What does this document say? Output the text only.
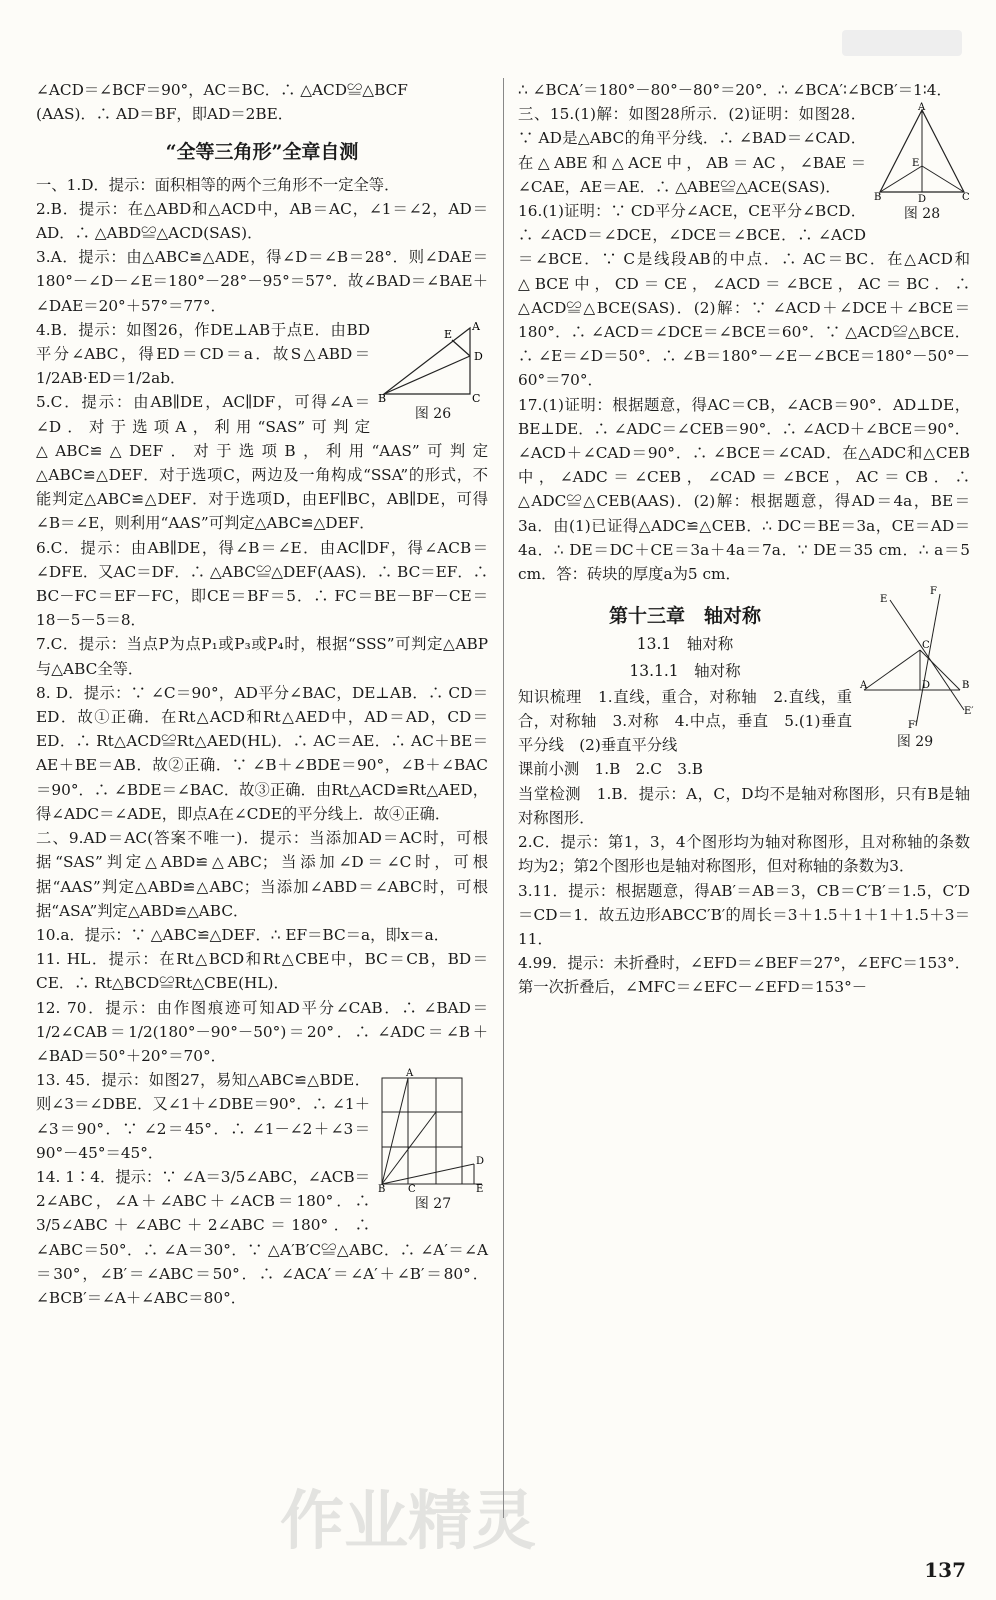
∠ACD＝∠BCF＝90°，AC＝BC．∴ △ACD≌△BCF

(AAS)．∴ AD＝BF，即AD＝2BE．

“全等三角形”全章自测

一、1.D．提示：面积相等的两个三角形不一定全等．

2.B．提示：在△ABD和△ACD中，AB＝AC，∠1＝∠2，AD＝AD．∴ △ABD≌△ACD(SAS)．

3.A．提示：由△ABC≌△ADE，得∠D＝∠B＝28°．则∠DAE＝180°－∠D－∠E＝180°－28°－95°＝57°．故∠BAD＝∠BAE＋∠DAE＝20°＋57°＝77°．

B	C
A
E
D
图 26

4.B．提示：如图26，作DE⊥AB于点E．由BD平分∠ABC，得ED＝CD＝a．故S△ABD＝1/2AB·ED＝1/2ab．

5.C．提示：由AB∥DE，AC∥DF，可得∠A＝∠D．对于选项A，利用“SAS”可判定△ABC≌△DEF．对于选项B，利用“AAS”可判定△ABC≌△DEF．对于选项C，两边及一角构成“SSA”的形式，不能判定△ABC≌△DEF．对于选项D，由EF∥BC，AB∥DE，可得∠B＝∠E，则利用“AAS”可判定△ABC≌△DEF．

6.C．提示：由AB∥DE，得∠B＝∠E．由AC∥DF，得∠ACB＝∠DFE．又AC＝DF．∴ △ABC≌△DEF(AAS)．∴ BC＝EF．∴ BC－FC＝EF－FC，即CE＝BF＝5．∴ FC＝BE－BF－CE＝18－5－5＝8．

7.C．提示：当点P为点P₁或P₃或P₄时，根据“SSS”可判定△ABP与△ABC全等．

8. D．提示：∵ ∠C＝90°，AD平分∠BAC，DE⊥AB．∴ CD＝ED．故①正确．在Rt△ACD和Rt△AED中，AD＝AD，CD＝ED．∴ Rt△ACD≌Rt△AED(HL)．∴ AC＝AE．∴ AC＋BE＝AE＋BE＝AB．故②正确．∵ ∠B＋∠BDE＝90°，∠B＋∠BAC＝90°．∴ ∠BDE＝∠BAC．故③正确．由Rt△ACD≌Rt△AED，得∠ADC＝∠ADE，即点A在∠CDE的平分线上．故④正确．

二、9.AD＝AC(答案不唯一)．提示：当添加AD＝AC时，可根据“SAS”判定△ABD≌△ABC；当添加∠D＝∠C时，可根据“AAS”判定△ABD≌△ABC；当添加∠ABD＝∠ABC时，可根据“ASA”判定△ABD≌△ABC．

10.a．提示：∵ △ABC≌△DEF．∴ EF＝BC＝a，即x＝a．

11. HL．提示：在Rt△BCD和Rt△CBE中，BC＝CB，BD＝CE．∴ Rt△BCD≌Rt△CBE(HL)．

12. 70．提示：由作图痕迹可知AD平分∠CAB．∴ ∠BAD＝1/2∠CAB＝1/2(180°－90°－50°)＝20°．∴ ∠ADC＝∠B＋∠BAD＝50°＋20°＝70°．

B C	E
A
D
图 27

13. 45．提示：如图27，易知△ABC≌△BDE．则∠3＝∠DBE．又∠1＋∠DBE＝90°．∴ ∠1＋∠3＝90°．∵ ∠2＝45°．∴ ∠1－∠2＋∠3＝90°－45°＝45°．

14. 1∶4．提示：∵ ∠A＝3/5∠ABC，∠ACB＝2∠ABC，∠A＋∠ABC＋∠ACB＝180°．∴ 3/5∠ABC＋∠ABC＋2∠ABC＝180°．∴ ∠ABC＝50°．∴ ∠A＝30°．∵ △A′B′C≌△ABC．∴ ∠A′＝∠A＝30°，∠B′＝∠ABC＝50°．∴ ∠ACA′＝∠A′＋∠B′＝80°．∠BCB′＝∠A＋∠ABC＝80°．

∴ ∠BCA′＝180°－80°－80°＝20°．∴ ∠BCA′∶∠BCB′＝1∶4．

B	D	C
A
E
图 28

三、15.(1)解：如图28所示．(2)证明：如图28．∵ AD是△ABC的角平分线．∴ ∠BAD＝∠CAD．在△ABE和△ACE中，AB＝AC，∠BAE＝∠CAE，AE＝AE．∴ △ABE≌△ACE(SAS)．

16.(1)证明：∵ CD平分∠ACE，CE平分∠BCD．∴ ∠ACD＝∠DCE，∠DCE＝∠BCE．∴ ∠ACD＝∠BCE．∵ C是线段AB的中点．∴ AC＝BC．在△ACD和△BCE中，CD＝CE，∠ACD＝∠BCE，AC＝BC．∴ △ACD≌△BCE(SAS)．(2)解：∵ ∠ACD＋∠DCE＋∠BCE＝180°．∴ ∠ACD＝∠DCE＝∠BCE＝60°．∵ △ACD≌△BCE．∴ ∠E＝∠D＝50°．∴ ∠B＝180°－∠E－∠BCE＝180°－50°－60°＝70°．

17.(1)证明：根据题意，得AC＝CB，∠ACB＝90°．AD⊥DE，BE⊥DE．∴ ∠ADC＝∠CEB＝90°．∴ ∠ACD＋∠BCE＝90°．∠ACD＋∠CAD＝90°．∴ ∠BCE＝∠CAD．在△ADC和△CEB中，∠ADC＝∠CEB，∠CAD＝∠BCE，AC＝CB．∴ △ADC≌△CEB(AAS)．(2)解：根据题意，得AD＝4a，BE＝3a．由(1)已证得△ADC≌△CEB．∴ DC＝BE＝3a，CE＝AD＝4a．∴ DE＝DC＋CE＝3a＋4a＝7a．∵ DE＝35 cm．∴ a＝5 cm．答：砖块的厚度a为5 cm．

F
E
C
A	D	B
E′
F′
图 29
第十三章　轴对称
13.1　轴对称
13.1.1　轴对称

知识梳理　1.直线，重合，对称轴　2.直线，重合，对称轴　3.对称　4.中点，垂直　5.(1)垂直平分线　(2)垂直平分线

课前小测　1.B　2.C　3.B

当堂检测　1.B．提示：A，C，D均不是轴对称图形，只有B是轴对称图形．

2.C．提示：第1，3，4个图形均为轴对称图形，且对称轴的条数均为2；第2个图形也是轴对称图形，但对称轴的条数为3．

3.11．提示：根据题意，得AB′＝AB＝3，CB＝C′B′＝1.5，C′D＝CD＝1．故五边形ABCC′B′的周长＝3＋1.5＋1＋1＋1.5＋3＝11．

4.99．提示：未折叠时，∠EFD＝∠BEF＝27°，∠EFC＝153°．第一次折叠后，∠MFC＝∠EFC－∠EFD＝153°－

作业精灵
137
